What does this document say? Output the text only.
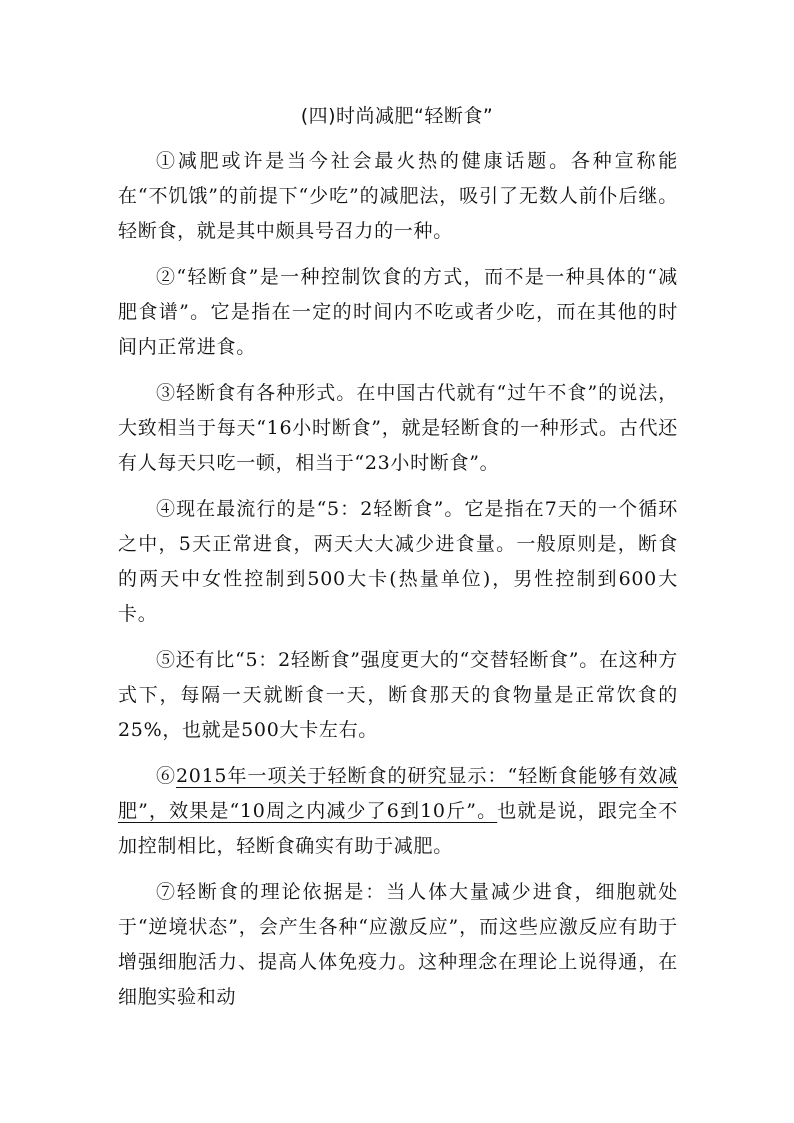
(四)时尚减肥“轻断食”

①减肥或许是当今社会最火热的健康话题。各种宣称能在“不饥饿”的前提下“少吃”的减肥法，吸引了无数人前仆后继。轻断食，就是其中颇具号召力的一种。

②“轻断食”是一种控制饮食的方式，而不是一种具体的“减肥食谱”。它是指在一定的时间内不吃或者少吃，而在其他的时间内正常进食。

③轻断食有各种形式。在中国古代就有“过午不食”的说法，大致相当于每天“16小时断食”，就是轻断食的一种形式。古代还有人每天只吃一顿，相当于“23小时断食”。

④现在最流行的是“5：2轻断食”。它是指在7天的一个循环之中，5天正常进食，两天大大减少进食量。一般原则是，断食的两天中女性控制到500大卡(热量单位)，男性控制到600大卡。

⑤还有比“5：2轻断食”强度更大的“交替轻断食”。在这种方式下，每隔一天就断食一天，断食那天的食物量是正常饮食的25%，也就是500大卡左右。

⑥2015年一项关于轻断食的研究显示：“轻断食能够有效减肥”，效果是“10周之内减少了6到10斤”。也就是说，跟完全不加控制相比，轻断食确实有助于减肥。

⑦轻断食的理论依据是：当人体大量减少进食，细胞就处于“逆境状态”，会产生各种“应激反应”，而这些应激反应有助于增强细胞活力、提高人体免疫力。这种理念在理论上说得通，在细胞实验和动
